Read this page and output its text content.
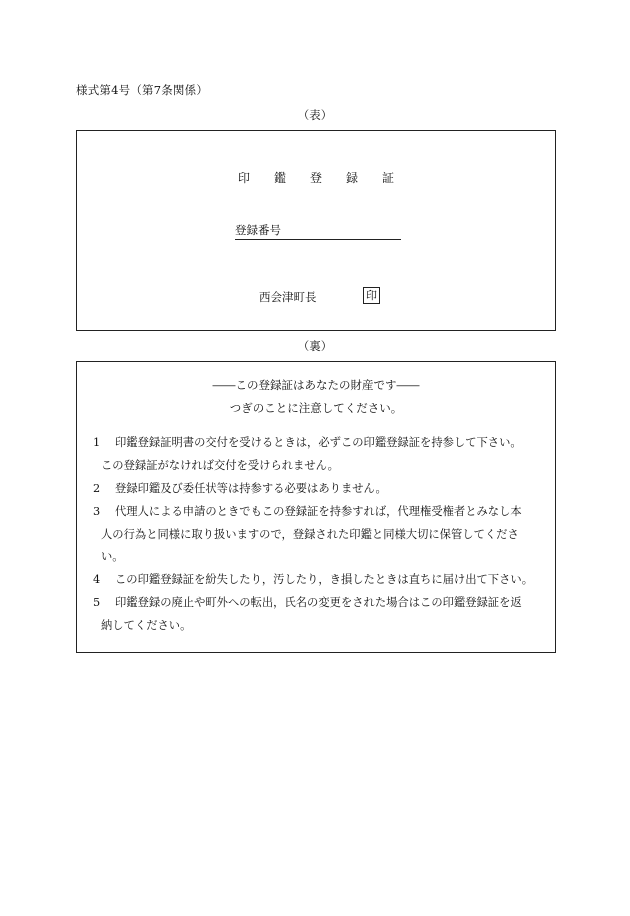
様式第4号（第7条関係）
（表）
印 鑑 登 録 証
登録番号
西会津町長	印
（裏）
――この登録証はあなたの財産です――
つぎのことに注意してください。
1 印鑑登録証明書の交付を受けるときは，必ずこの印鑑登録証を持参して下さい。
この登録証がなければ交付を受けられません。
2 登録印鑑及び委任状等は持参する必要はありません。
3 代理人による申請のときでもこの登録証を持参すれば，代理権受権者とみなし本
人の行為と同様に取り扱いますので，登録された印鑑と同様大切に保管してくださ
い。
4 この印鑑登録証を紛失したり，汚したり，き損したときは直ちに届け出て下さい。
5 印鑑登録の廃止や町外への転出，氏名の変更をされた場合はこの印鑑登録証を返
納してください。
